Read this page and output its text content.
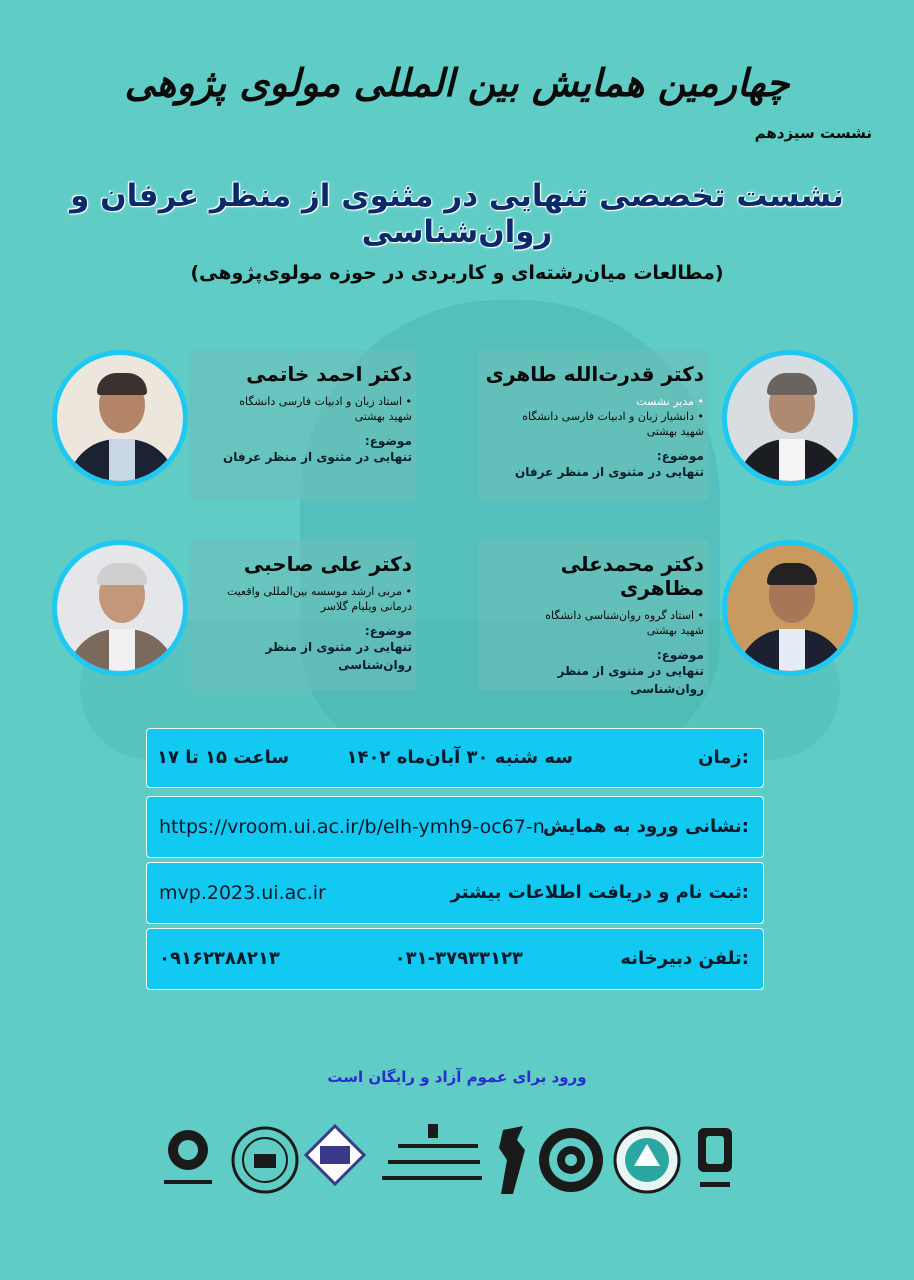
چهارمین همایش بین المللی مولوی پژوهی
نشست سیزدهم
نشست تخصصی تنهایی در مثنوی از منظر عرفان و روان‌شناسی
(مطالعات میان‌رشته‌ای و کاربردی در حوزه مولوی‌پژوهی)
دکتر قدرت‌الله طاهری
• مدیر نشست
• دانشیار زبان و ادبیات فارسی دانشگاه
شهید بهشتی
موضوع:
تنهایی در مثنوی از منظر عرفان
دکتر احمد خاتمی
• استاد زبان و ادبیات فارسی دانشگاه
شهید بهشتی
موضوع:
تنهایی در مثنوی از منظر عرفان
دکتر محمدعلی مظاهری
• استاد گروه روان‌شناسی دانشگاه
شهید بهشتی
موضوع:
تنهایی در مثنوی از منظر روان‌شناسی
دکتر علی صاحبی
• مربی ارشد موسسه بین‌المللی واقعیت
درمانی ویلیام گلاسر
موضوع:
تنهایی در مثنوی از منظر روان‌شناسی
زمان:
سه شنبه ۳۰ آبان‌ماه ۱۴۰۲
ساعت ۱۵ تا ۱۷
نشانی ورود به همایش:
https://vroom.ui.ac.ir/b/elh-ymh9-oc67-n
ثبت نام و دریافت اطلاعات بیشتر:
mvp.2023.ui.ac.ir
تلفن دبیرخانه:
۰۳۱-۳۷۹۳۳۱۲۳
۰۹۱۶۲۳۸۸۲۱۳
ورود برای عموم آزاد و رایگان است
